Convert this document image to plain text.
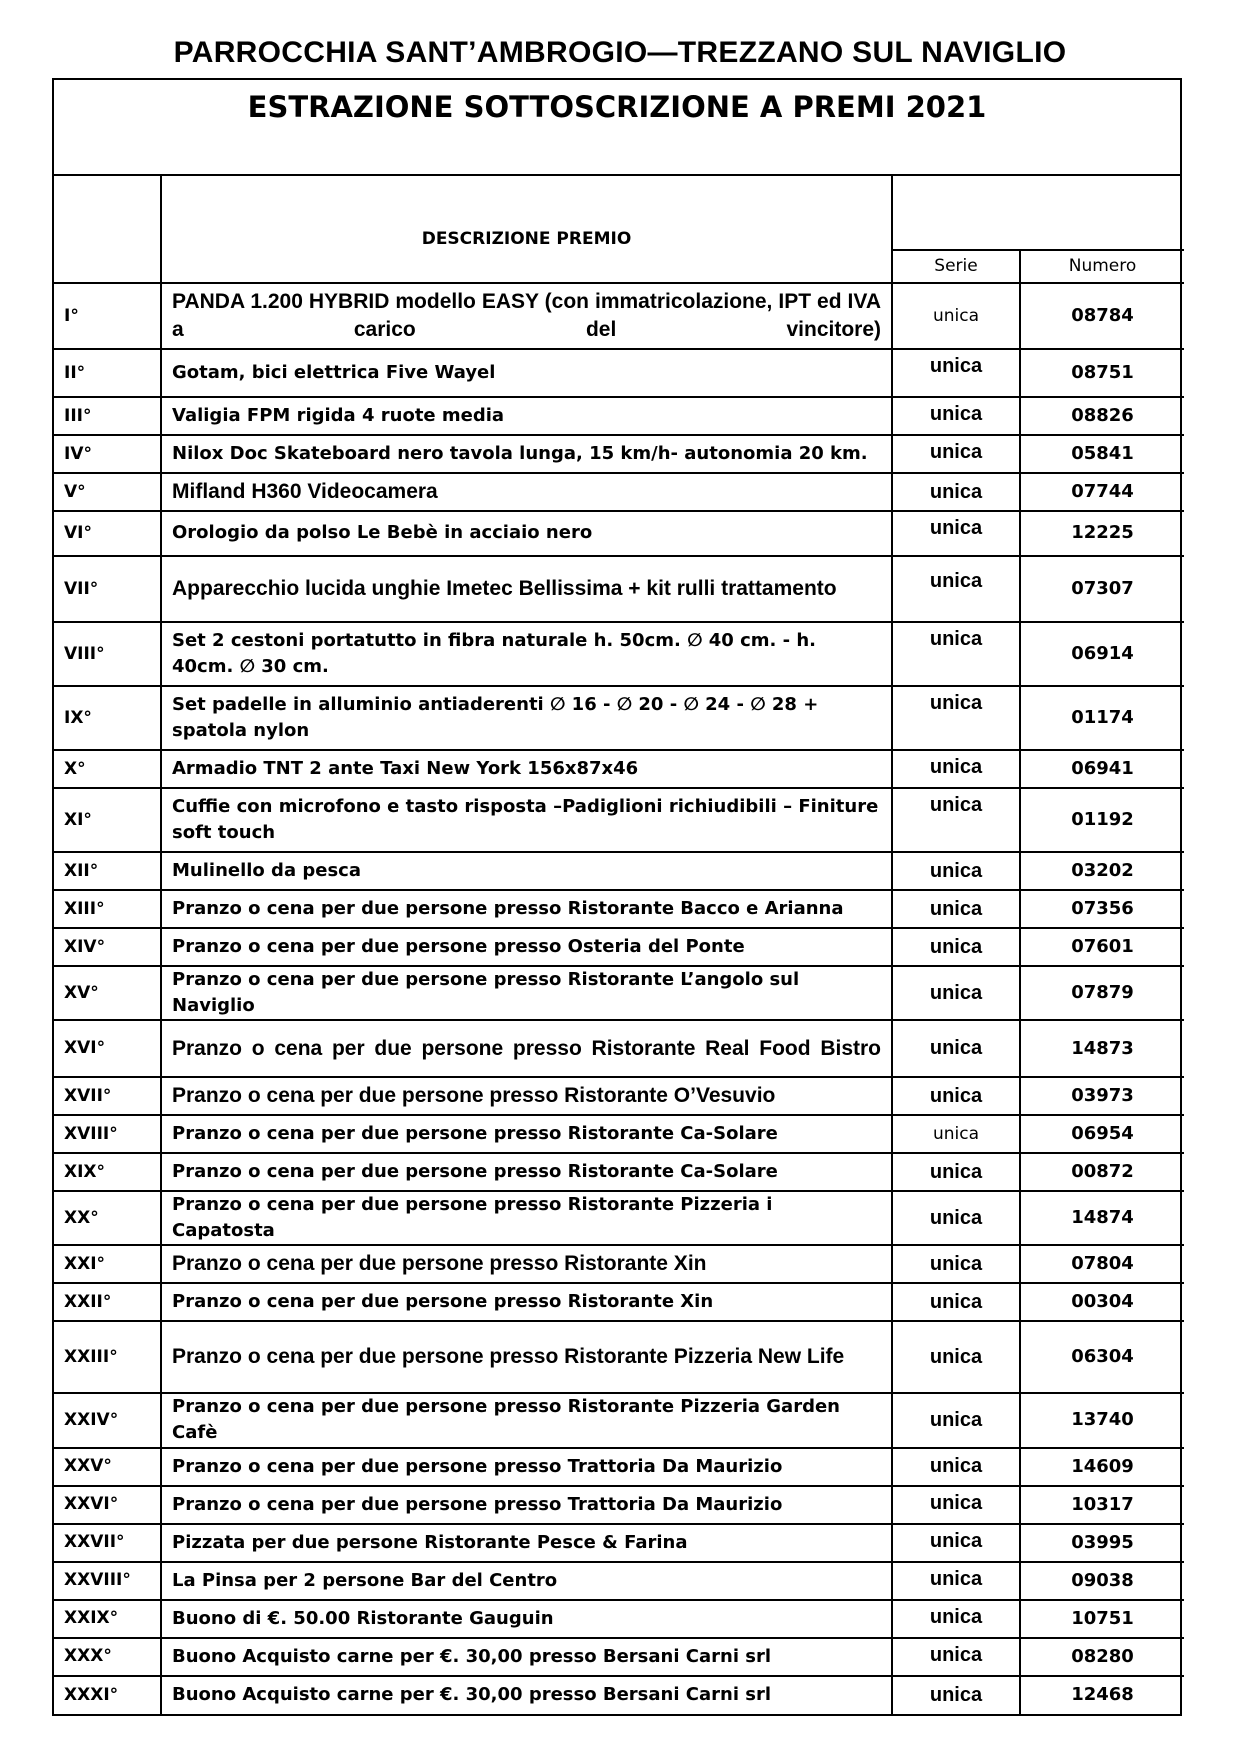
PARROCCHIA SANT’AMBROGIO—TREZZANO SUL NAVIGLIO
ESTRAZIONE SOTTOSCRIZIONE A PREMI 2021
	DESCRIZIONE PREMIO		
		Serie	Numero
I°	PANDA 1.200 HYBRID modello EASY (con immatricolazione, IPT ed IVA a carico del vincitore)	unica	08784
II°	Gotam, bici elettrica Five Wayel	unica	08751
III°	Valigia FPM rigida 4 ruote media	unica	08826
IV°	Nilox Doc Skateboard nero tavola lunga, 15 km/h- autonomia 20 km.	unica	05841
V°	Mifland H360 Videocamera	unica	07744
VI°	Orologio da polso Le Bebè in acciaio nero	unica	12225
VII°	Apparecchio lucida unghie Imetec Bellissima + kit rulli trattamento	unica	07307
VIII°	Set 2 cestoni portatutto in fibra naturale h. 50cm. ∅ 40 cm. - h. 40cm. ∅ 30 cm.	unica	06914
IX°	Set padelle in alluminio antiaderenti ∅ 16 - ∅ 20 - ∅ 24 - ∅ 28 + spatola nylon	unica	01174
X°	Armadio TNT 2 ante Taxi New York 156x87x46	unica	06941
XI°	Cuffie con microfono e tasto risposta –Padiglioni richiudibili – Finiture soft touch	unica	01192
XII°	Mulinello da pesca	unica	03202
XIII°	Pranzo o cena per due persone presso Ristorante Bacco e Arianna	unica	07356
XIV°	Pranzo o cena per due persone presso Osteria del Ponte	unica	07601
XV°	Pranzo o cena per due persone presso Ristorante L’angolo sul Naviglio	unica	07879
XVI°	Pranzo o cena per due persone presso Ristorante Real Food Bistro	unica	14873
XVII°	Pranzo o cena per due persone presso Ristorante O’Vesuvio	unica	03973
XVIII°	Pranzo o cena per due persone presso Ristorante Ca-Solare	unica	06954
XIX°	Pranzo o cena per due persone presso Ristorante Ca-Solare	unica	00872
XX°	Pranzo o cena per due persone presso Ristorante Pizzeria i Capatosta	unica	14874
XXI°	Pranzo o cena per due persone presso Ristorante Xin	unica	07804
XXII°	Pranzo o cena per due persone presso Ristorante Xin	unica	00304
XXIII°	Pranzo o cena per due persone presso Ristorante Pizzeria New Life	unica	06304
XXIV°	Pranzo o cena per due persone presso Ristorante Pizzeria Garden Cafè	unica	13740
XXV°	Pranzo o cena per due persone presso Trattoria Da Maurizio	unica	14609
XXVI°	Pranzo o cena per due persone presso Trattoria Da Maurizio	unica	10317
XXVII°	Pizzata per due persone Ristorante Pesce & Farina	unica	03995
XXVIII°	La Pinsa per 2 persone Bar del Centro	unica	09038
XXIX°	Buono di €. 50.00 Ristorante Gauguin	unica	10751
XXX°	Buono Acquisto carne per €. 30,00 presso Bersani Carni srl	unica	08280
XXXI°	Buono Acquisto carne per €. 30,00 presso Bersani Carni srl	unica	12468
